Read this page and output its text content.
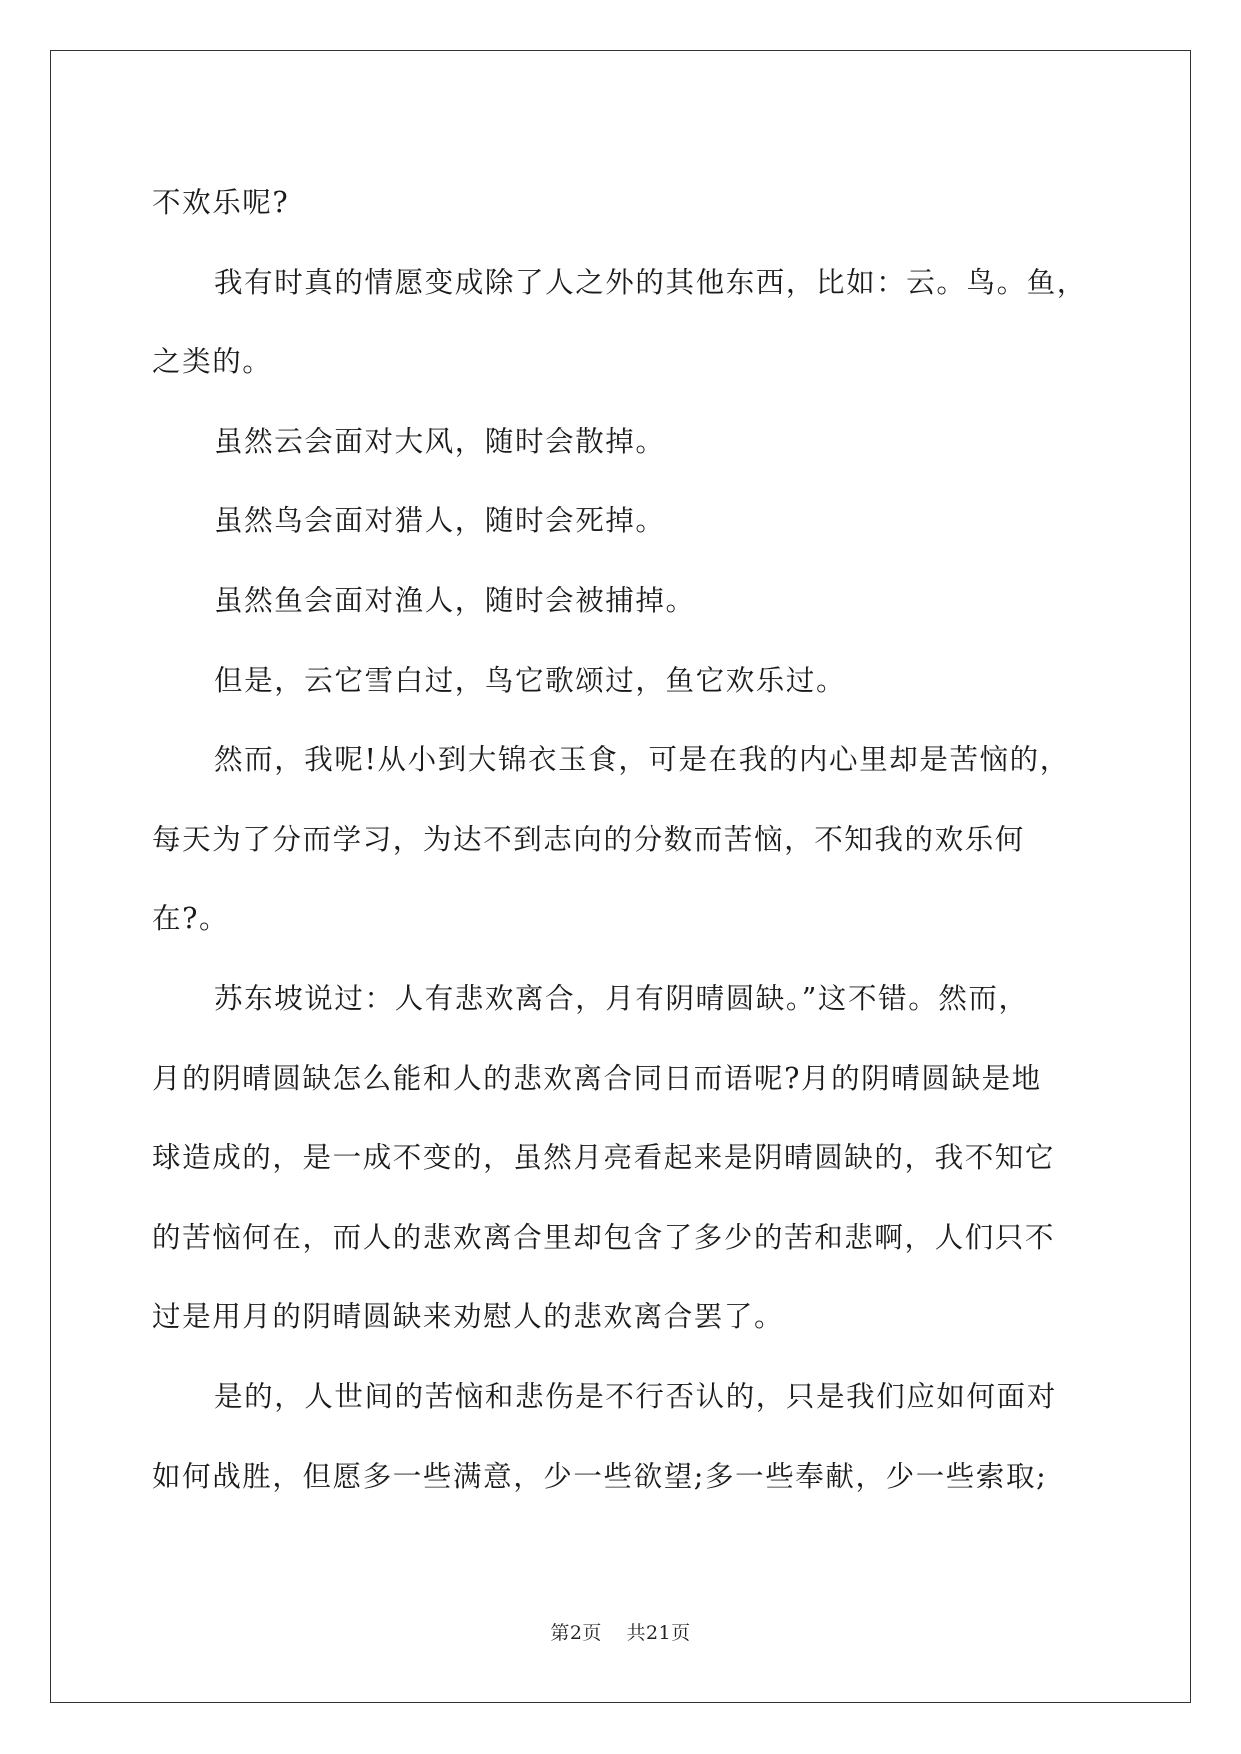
不欢乐呢?
我有时真的情愿变成除了人之外的其他东西，比如：云。鸟。鱼，
之类的。
虽然云会面对大风，随时会散掉。
虽然鸟会面对猎人，随时会死掉。
虽然鱼会面对渔人，随时会被捕掉。
但是，云它雪白过，鸟它歌颂过，鱼它欢乐过。
然而，我呢!从小到大锦衣玉食，可是在我的内心里却是苦恼的，
每天为了分而学习，为达不到志向的分数而苦恼，不知我的欢乐何
在?。
苏东坡说过：人有悲欢离合，月有阴晴圆缺。”这不错。然而，
月的阴晴圆缺怎么能和人的悲欢离合同日而语呢?月的阴晴圆缺是地
球造成的，是一成不变的，虽然月亮看起来是阴晴圆缺的，我不知它
的苦恼何在，而人的悲欢离合里却包含了多少的苦和悲啊，人们只不
过是用月的阴晴圆缺来劝慰人的悲欢离合罢了。
是的，人世间的苦恼和悲伤是不行否认的，只是我们应如何面对
如何战胜，但愿多一些满意，少一些欲望;多一些奉献，少一些索取;

第2页 共21页
